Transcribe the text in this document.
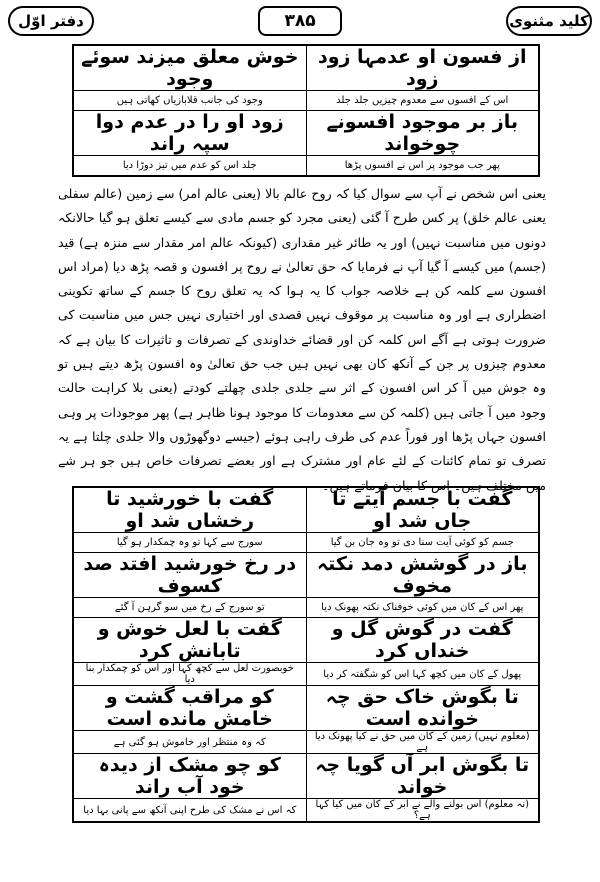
کلید مثنوی
۳۸۵
دفتر اوّل
از فسون او عدمہا زود زود	خوش معلق میزند سوئے وجود
اس کے افسوں سے معدوم چیزیں جلد جلد	وجود کی جانب قلابازیاں کھاتی ہیں
باز بر موجود افسونے چوخواند	زود او را در عدم دوا سپہ راند
پھر جب موجود پر اس نے افسوں پڑھا	جلد اس کو عدم میں تیز دوڑا دیا

یعنی اس شخص نے آپ سے سوال کیا کہ روح عالم بالا (یعنی عالم امر) سے زمین (عالم سفلی یعنی عالم خلق) پر کس طرح آ گئی (یعنی مجرد کو جسم مادی سے کیسے تعلق ہو گیا حالانکہ دونوں میں مناسبت نہیں) اور یہ طائر غیر مقداری (کیونکہ عالم امر مقدار سے منزہ ہے) قید (جسم) میں کیسے آ گیا آپ نے فرمایا کہ حق تعالیٰ نے روح پر افسون و قصہ پڑھ دیا (مراد اس افسون سے کلمہ کن ہے خلاصہ جواب کا یہ ہوا کہ یہ تعلق روح کا جسم کے ساتھ تکوینی اضطراری ہے اور وہ مناسبت پر موقوف نہیں قصدی اور اختیاری نہیں جس میں مناسبت کی ضرورت ہوتی ہے آگے اس کلمہ کن اور قضائے خداوندی کے تصرفات و تاثیرات کا بیان ہے کہ معدوم چیزوں پر جن کے آنکھ کان بھی نہیں ہیں جب حق تعالیٰ وہ افسون پڑھ دیتے ہیں تو وہ جوش میں آ کر اس افسون کے اثر سے جلدی جلدی چھلتے کودتے (یعنی بلا کراہت حالت وجود میں آ جاتی ہیں (کلمہ کن سے معدومات کا موجود ہونا ظاہر ہے) پھر موجودات پر وہی افسون جہاں پڑھا اور فوراً عدم کی طرف راہی ہوئے (جیسے دوگھوڑوں والا جلدی چلتا ہے یہ تصرف تو تمام کائنات کے لئے عام اور مشترک ہے اور بعضے تصرفات خاص ہیں جو ہر شے میں مختلف ہیں۔ اس کا بیان فرماتے ہیں۔

گفت با جسم آیتے تا جاں شد او	گفت با خورشید تا رخشاں شد او
جسم کو کوئی آیت سنا دی تو وہ جان بن گیا	سورج سے کہا تو وہ چمکدار ہو گیا
باز در گوشش دمد نکتہ مخوف	در رخ خورشید افتد صد کسوف
پھر اس کے کان میں کوئی خوفناک نکتہ پھونک دیا	تو سورج کے رخ میں سو گرہن آ گئے
گفت در گوش گل و خنداں کرد	گفت با لعل خوش و تابانش کرد
پھول کے کان میں کچھ کہا اس کو شگفتہ کر دیا	خوبصورت لعل سے کچھ کہا اور اس کو چمکدار بنا دیا
تا بگوش خاک حق چہ خوانده است	کو مراقب گشت و خامش مانده است
(معلوم نہیں) زمین کے کان میں حق نے کیا پھونک دیا ہے	کہ وہ منتظر اور خاموش ہو گئی ہے
تا بگوش ابر آں گویا چہ خواند	کو چو مشک از دیدہ خود آب راند
(نہ معلوم) اس بولنے والے نے ابر کے کان میں کیا کہا ہے؟	کہ اس نے مشک کی طرح اپنی آنکھ سے پانی بہا دیا
